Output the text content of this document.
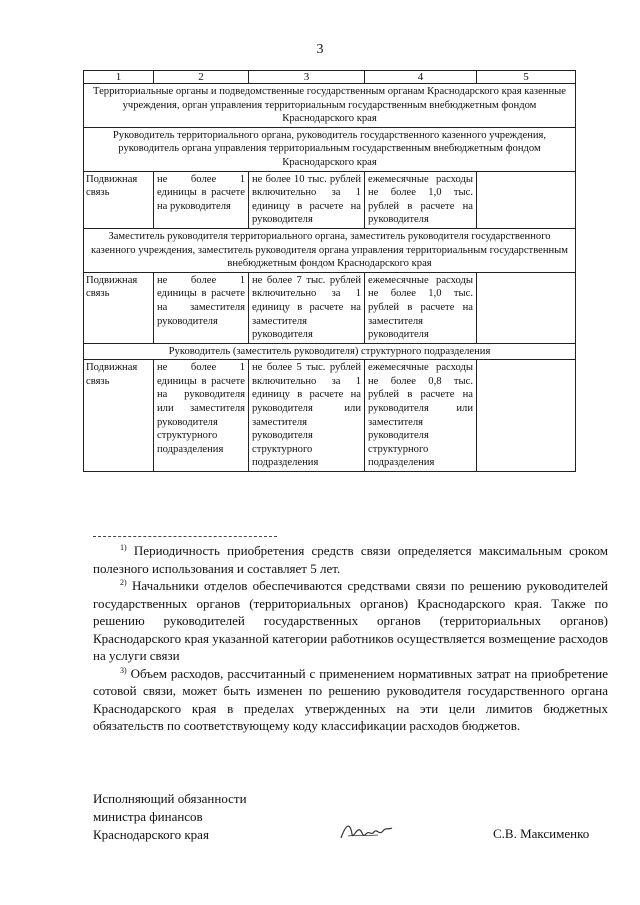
3
1	2	3	4	5
Территориальные органы и подведомственные государственным органам Краснодарского края казенные учреждения, орган управления территориальным государственным внебюджетным фондом Краснодарского края				
Руководитель территориального органа, руководитель государственного казенного учреждения, руководитель органа управления территориальным государственным внебюджетным фондом Краснодарского края				
Подвижная связь	не более 1 единицы в расчете на руководителя	не более 10 тыс. рублей включительно за 1 единицу в расчете на руководителя	ежемесячные расходы не более 1,0 тыс. рублей в расчете на руководителя	
Заместитель руководителя территориального органа, заместитель руководителя государственного казенного учреждения, заместитель руководителя органа управления территориальным государственным внебюджетным фондом Краснодарского края				
Подвижная связь	не более 1 единицы в расчете на заместителя руководителя	не более 7 тыс. рублей включительно за 1 единицу в расчете на заместителя руководителя	ежемесячные расходы не более 1,0 тыс. рублей в расчете на заместителя руководителя	
Руководитель (заместитель руководителя) структурного подразделения				
Подвижная связь	не более 1 единицы в расчете на руководителя или заместителя руководителя структурного подразделения	не более 5 тыс. рублей включительно за 1 единицу в расчете на руководителя или заместителя руководителя структурного подразделения	ежемесячные расходы не более 0,8 тыс. рублей в расчете на руководителя или заместителя руководителя структурного подразделения	

$^{1)}$ Периодичность приобретения средств связи определяется максимальным сроком полезного использования и составляет 5 лет.

$^{2)}$ Начальники отделов обеспечиваются средствами связи по решению руководителей государственных органов (территориальных органов) Краснодарского края. Также по решению руководителей государственных органов (территориальных органов) Краснодарского края указанной категории работников осуществляется возмещение расходов на услуги связи

$^{3)}$ Объем расходов, рассчитанный с применением нормативных затрат на приобретение сотовой связи, может быть изменен по решению руководителя государственного органа Краснодарского края в пределах утвержденных на эти цели лимитов бюджетных обязательств по соответствующему коду классификации расходов бюджетов.

Исполняющий обязанности
министра финансов
Краснодарского края	С.В. Максименко
